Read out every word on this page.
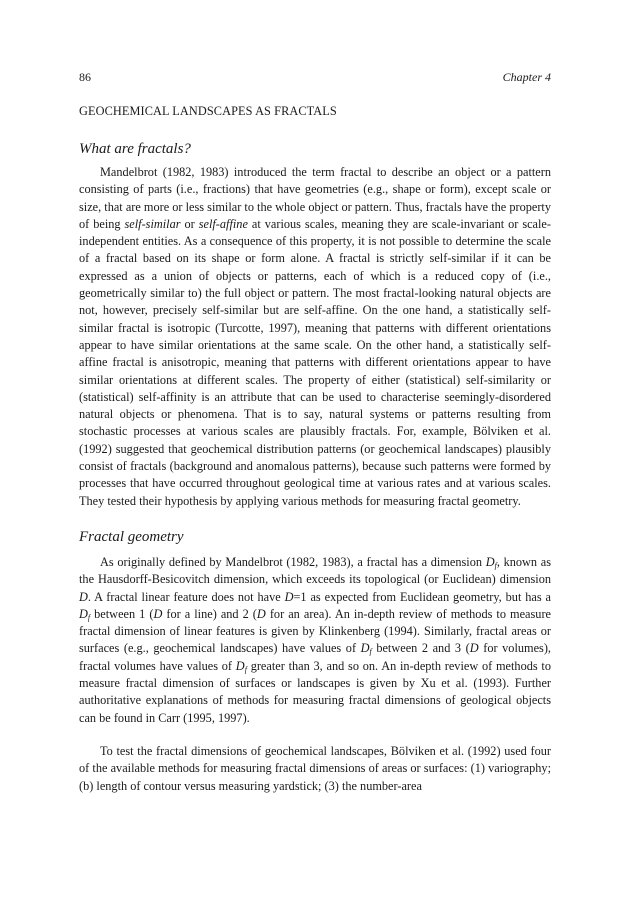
86	Chapter 4
GEOCHEMICAL LANDSCAPES AS FRACTALS
What are fractals?

Mandelbrot (1982, 1983) introduced the term fractal to describe an object or a pattern consisting of parts (i.e., fractions) that have geometries (e.g., shape or form), except scale or size, that are more or less similar to the whole object or pattern. Thus, fractals have the property of being self-similar or self-affine at various scales, meaning they are scale-invariant or scale-independent entities. As a consequence of this property, it is not possible to determine the scale of a fractal based on its shape or form alone. A fractal is strictly self-similar if it can be expressed as a union of objects or patterns, each of which is a reduced copy of (i.e., geometrically similar to) the full object or pattern. The most fractal-looking natural objects are not, however, precisely self-similar but are self-affine. On the one hand, a statistically self-similar fractal is isotropic (Turcotte, 1997), meaning that patterns with different orientations appear to have similar orientations at the same scale. On the other hand, a statistically self-affine fractal is anisotropic, meaning that patterns with different orientations appear to have similar orientations at different scales. The property of either (statistical) self-similarity or (statistical) self-affinity is an attribute that can be used to characterise seemingly-disordered natural objects or phenomena. That is to say, natural systems or patterns resulting from stochastic processes at various scales are plausibly fractals. For, example, Bölviken et al. (1992) suggested that geochemical distribution patterns (or geochemical landscapes) plausibly consist of fractals (background and anomalous patterns), because such patterns were formed by processes that have occurred throughout geological time at various rates and at various scales. They tested their hypothesis by applying various methods for measuring fractal geometry.

Fractal geometry

As originally defined by Mandelbrot (1982, 1983), a fractal has a dimension $D_f$, known as the Hausdorff-Besicovitch dimension, which exceeds its topological (or Euclidean) dimension D. A fractal linear feature does not have D=1 as expected from Euclidean geometry, but has a $D_f$ between 1 (D for a line) and 2 (D for an area). An in-depth review of methods to measure fractal dimension of linear features is given by Klinkenberg (1994). Similarly, fractal areas or surfaces (e.g., geochemical landscapes) have values of $D_f$ between 2 and 3 (D for volumes), fractal volumes have values of $D_f$ greater than 3, and so on. An in-depth review of methods to measure fractal dimension of surfaces or landscapes is given by Xu et al. (1993). Further authoritative explanations of methods for measuring fractal dimensions of geological objects can be found in Carr (1995, 1997).

To test the fractal dimensions of geochemical landscapes, Bölviken et al. (1992) used four of the available methods for measuring fractal dimensions of areas or surfaces: (1) variography; (b) length of contour versus measuring yardstick; (3) the number-area
